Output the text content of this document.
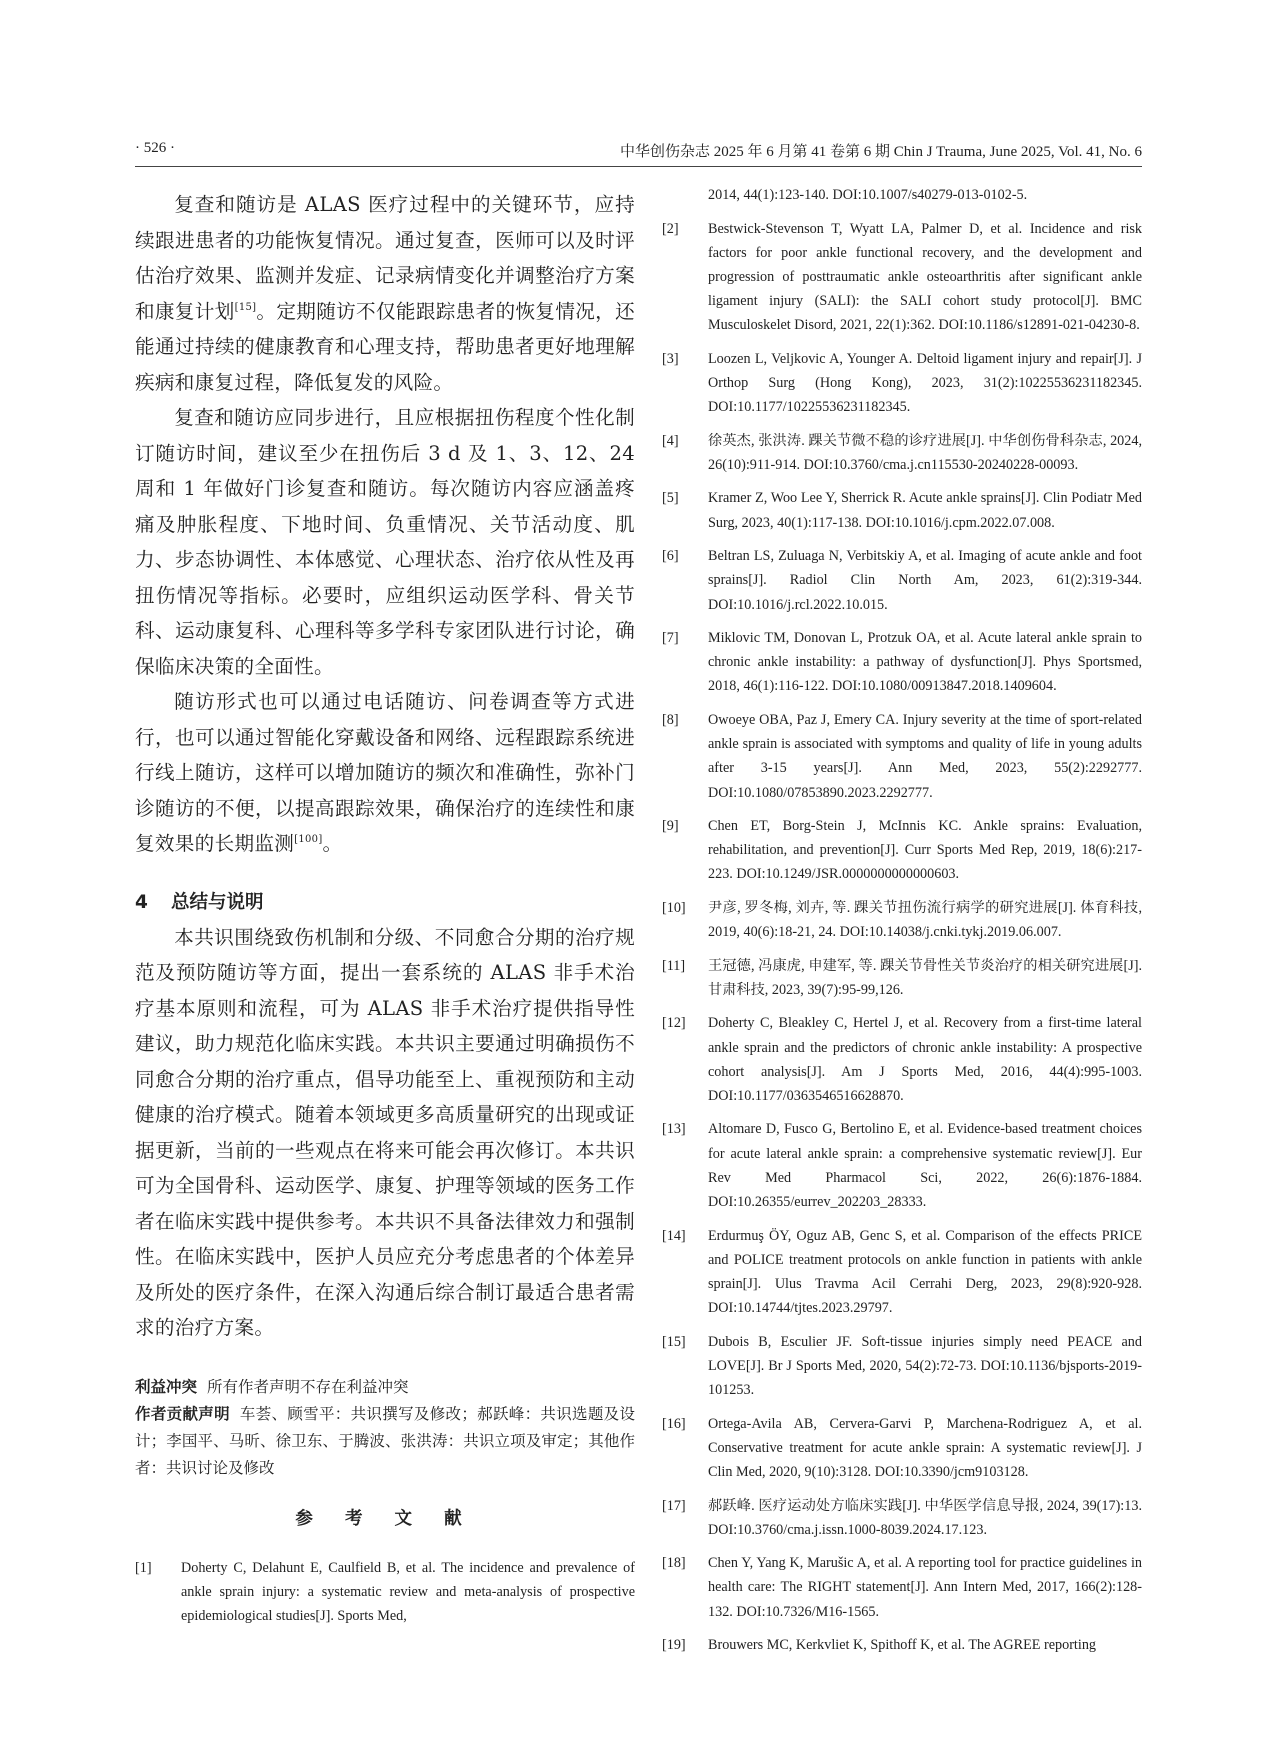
· 526 ·	中华创伤杂志 2025 年 6 月第 41 卷第 6 期 Chin J Trauma, June 2025, Vol. 41, No. 6

复查和随访是 ALAS 医疗过程中的关键环节，应持续跟进患者的功能恢复情况。通过复查，医师可以及时评估治疗效果、监测并发症、记录病情变化并调整治疗方案和康复计划[15]。定期随访不仅能跟踪患者的恢复情况，还能通过持续的健康教育和心理支持，帮助患者更好地理解疾病和康复过程，降低复发的风险。

复查和随访应同步进行，且应根据扭伤程度个性化制订随访时间，建议至少在扭伤后 3 d 及 1、3、12、24 周和 1 年做好门诊复查和随访。每次随访内容应涵盖疼痛及肿胀程度、下地时间、负重情况、关节活动度、肌力、步态协调性、本体感觉、心理状态、治疗依从性及再扭伤情况等指标。必要时，应组织运动医学科、骨关节科、运动康复科、心理科等多学科专家团队进行讨论，确保临床决策的全面性。

随访形式也可以通过电话随访、问卷调查等方式进行，也可以通过智能化穿戴设备和网络、远程跟踪系统进行线上随访，这样可以增加随访的频次和准确性，弥补门诊随访的不便，以提高跟踪效果，确保治疗的连续性和康复效果的长期监测[100]。

4 总结与说明

本共识围绕致伤机制和分级、不同愈合分期的治疗规范及预防随访等方面，提出一套系统的 ALAS 非手术治疗基本原则和流程，可为 ALAS 非手术治疗提供指导性建议，助力规范化临床实践。本共识主要通过明确损伤不同愈合分期的治疗重点，倡导功能至上、重视预防和主动健康的治疗模式。随着本领域更多高质量研究的出现或证据更新，当前的一些观点在将来可能会再次修订。本共识可为全国骨科、运动医学、康复、护理等领域的医务工作者在临床实践中提供参考。本共识不具备法律效力和强制性。在临床实践中，医护人员应充分考虑患者的个体差异及所处的医疗条件，在深入沟通后综合制订最适合患者需求的治疗方案。

利益冲突 所有作者声明不存在利益冲突

作者贡献声明 车荟、顾雪平：共识撰写及修改；郝跃峰：共识选题及设计；李国平、马昕、徐卫东、于腾波、张洪涛：共识立项及审定；其他作者：共识讨论及修改

参 考 文 献
[1]	Doherty C, Delahunt E, Caulfield B, et al. The incidence and prevalence of ankle sprain injury: a systematic review and meta-analysis of prospective epidemiological studies[J]. Sports Med,
2014, 44(1):123-140. DOI:10.1007/s40279-013-0102-5.
[2]	Bestwick-Stevenson T, Wyatt LA, Palmer D, et al. Incidence and risk factors for poor ankle functional recovery, and the development and progression of posttraumatic ankle osteoarthritis after significant ankle ligament injury (SALI): the SALI cohort study protocol[J]. BMC Musculoskelet Disord, 2021, 22(1):362. DOI:10.1186/s12891-021-04230-8.
[3]	Loozen L, Veljkovic A, Younger A. Deltoid ligament injury and repair[J]. J Orthop Surg (Hong Kong), 2023, 31(2):10225536231182345. DOI:10.1177/10225536231182345.
[4]	徐英杰, 张洪涛. 踝关节微不稳的诊疗进展[J]. 中华创伤骨科杂志, 2024, 26(10):911-914. DOI:10.3760/cma.j.cn115530-20240228-00093.
[5]	Kramer Z, Woo Lee Y, Sherrick R. Acute ankle sprains[J]. Clin Podiatr Med Surg, 2023, 40(1):117-138. DOI:10.1016/j.cpm.2022.07.008.
[6]	Beltran LS, Zuluaga N, Verbitskiy A, et al. Imaging of acute ankle and foot sprains[J]. Radiol Clin North Am, 2023, 61(2):319-344. DOI:10.1016/j.rcl.2022.10.015.
[7]	Miklovic TM, Donovan L, Protzuk OA, et al. Acute lateral ankle sprain to chronic ankle instability: a pathway of dysfunction[J]. Phys Sportsmed, 2018, 46(1):116-122. DOI:10.1080/00913847.2018.1409604.
[8]	Owoeye OBA, Paz J, Emery CA. Injury severity at the time of sport-related ankle sprain is associated with symptoms and quality of life in young adults after 3-15 years[J]. Ann Med, 2023, 55(2):2292777. DOI:10.1080/07853890.2023.2292777.
[9]	Chen ET, Borg-Stein J, McInnis KC. Ankle sprains: Evaluation, rehabilitation, and prevention[J]. Curr Sports Med Rep, 2019, 18(6):217-223. DOI:10.1249/JSR.0000000000000603.
[10]	尹彦, 罗冬梅, 刘卉, 等. 踝关节扭伤流行病学的研究进展[J]. 体育科技, 2019, 40(6):18-21, 24. DOI:10.14038/j.cnki.tykj.2019.06.007.
[11]	王冠德, 冯康虎, 申建军, 等. 踝关节骨性关节炎治疗的相关研究进展[J]. 甘肃科技, 2023, 39(7):95-99,126.
[12]	Doherty C, Bleakley C, Hertel J, et al. Recovery from a first-time lateral ankle sprain and the predictors of chronic ankle instability: A prospective cohort analysis[J]. Am J Sports Med, 2016, 44(4):995-1003. DOI:10.1177/0363546516628870.
[13]	Altomare D, Fusco G, Bertolino E, et al. Evidence-based treatment choices for acute lateral ankle sprain: a comprehensive systematic review[J]. Eur Rev Med Pharmacol Sci, 2022, 26(6):1876-1884. DOI:10.26355/eurrev_202203_28333.
[14]	Erdurmuş ÖY, Oguz AB, Genc S, et al. Comparison of the effects PRICE and POLICE treatment protocols on ankle function in patients with ankle sprain[J]. Ulus Travma Acil Cerrahi Derg, 2023, 29(8):920-928. DOI:10.14744/tjtes.2023.29797.
[15]	Dubois B, Esculier JF. Soft-tissue injuries simply need PEACE and LOVE[J]. Br J Sports Med, 2020, 54(2):72-73. DOI:10.1136/bjsports-2019-101253.
[16]	Ortega-Avila AB, Cervera-Garvi P, Marchena-Rodriguez A, et al. Conservative treatment for acute ankle sprain: A systematic review[J]. J Clin Med, 2020, 9(10):3128. DOI:10.3390/jcm9103128.
[17]	郝跃峰. 医疗运动处方临床实践[J]. 中华医学信息导报, 2024, 39(17):13. DOI:10.3760/cma.j.issn.1000-8039.2024.17.123.
[18]	Chen Y, Yang K, Marušic A, et al. A reporting tool for practice guidelines in health care: The RIGHT statement[J]. Ann Intern Med, 2017, 166(2):128-132. DOI:10.7326/M16-1565.
[19]	Brouwers MC, Kerkvliet K, Spithoff K, et al. The AGREE reporting
